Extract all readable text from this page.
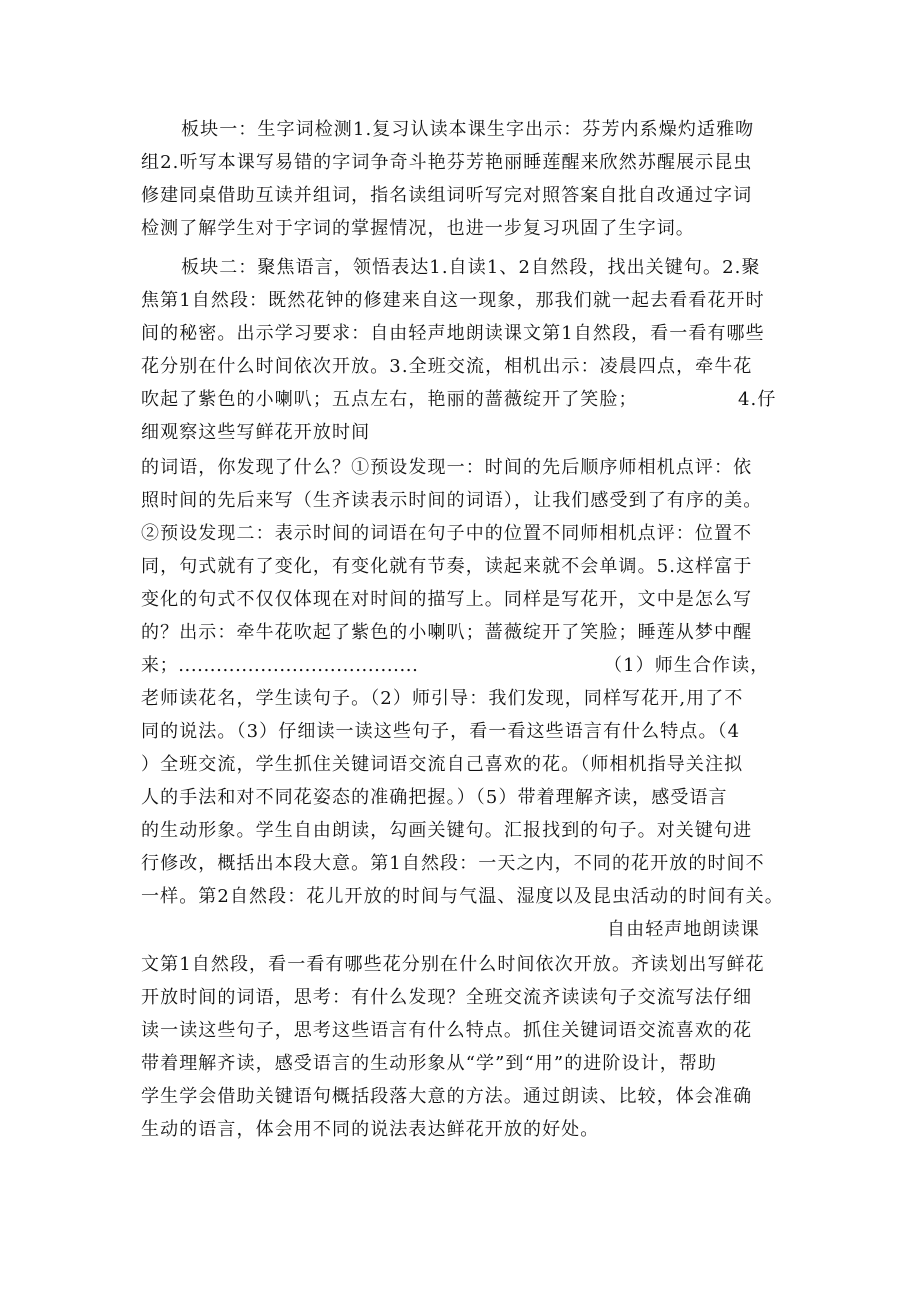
板块一：生字词检测1.复习认读本课生字出示：芬芳内系燥灼适雅吻
组2.听写本课写易错的字词争奇斗艳芬芳艳丽睡莲醒来欣然苏醒展示昆虫
修建同桌借助互读并组词，指名读组词听写完对照答案自批自改通过字词
检测了解学生对于字词的掌握情况，也进一步复习巩固了生字词。
板块二：聚焦语言，领悟表达1.自读1、2自然段，找出关键句。2.聚
焦第1自然段：既然花钟的修建来自这一现象，那我们就一起去看看花开时
间的秘密。出示学习要求：自由轻声地朗读课文第1自然段，看一看有哪些
花分别在什么时间依次开放。3.全班交流，相机出示：凌晨四点，牵牛花
吹起了紫色的小喇叭；五点左右，艳丽的蔷薇绽开了笑脸；	4.仔
细观察这些写鲜花开放时间
的词语，你发现了什么？①预设发现一：时间的先后顺序师相机点评：依
照时间的先后来写（生齐读表示时间的词语），让我们感受到了有序的美。
②预设发现二：表示时间的词语在句子中的位置不同师相机点评：位置不
同，句式就有了变化，有变化就有节奏，读起来就不会单调。5.这样富于
变化的句式不仅仅体现在对时间的描写上。同样是写花开，文中是怎么写
的？出示：牵牛花吹起了紫色的小喇叭；蔷薇绽开了笑脸；睡莲从梦中醒
来；......................................	（1）师生合作读，
老师读花名，学生读句子。（2）师引导：我们发现，同样写花开,用了不
同的说法。（3）仔细读一读这些句子，看一看这些语言有什么特点。（4
）全班交流，学生抓住关键词语交流自己喜欢的花。（师相机指导关注拟
人的手法和对不同花姿态的准确把握。）（5）带着理解齐读，感受语言
的生动形象。学生自由朗读，勾画关键句。汇报找到的句子。对关键句进
行修改，概括出本段大意。第1自然段：一天之内，不同的花开放的时间不
一样。第2自然段：花儿开放的时间与气温、湿度以及昆虫活动的时间有关。
自由轻声地朗读课
文第1自然段，看一看有哪些花分别在什么时间依次开放。齐读划出写鲜花
开放时间的词语，思考：有什么发现？全班交流齐读读句子交流写法仔细
读一读这些句子，思考这些语言有什么特点。抓住关键词语交流喜欢的花
带着理解齐读，感受语言的生动形象从“学”到“用”的进阶设计，帮助
学生学会借助关键语句概括段落大意的方法。通过朗读、比较，体会准确
生动的语言，体会用不同的说法表达鲜花开放的好处。
